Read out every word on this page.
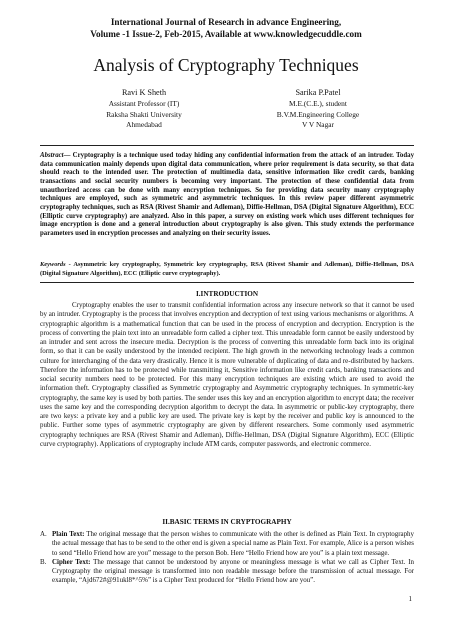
International Journal of Research in advance Engineering,
Volume -1 Issue-2, Feb-2015, Available at www.knowledgecuddle.com
Analysis of Cryptography Techniques
Ravi K Sheth
Assistant Professor (IT)
Raksha Shakti University
Ahmedabad
Sarika P.Patel
M.E.(C.E.), student
B.V.M.Engineering College
V V Nagar
Abstract— Cryptography is a technique used today hiding any confidential information from the attack of an intruder. Today data communication mainly depends upon digital data communication, where prior requirement is data security, so that data should reach to the intended user. The protection of multimedia data, sensitive information like credit cards, banking transactions and social security numbers is becoming very important. The protection of these confidential data from unauthorized access can be done with many encryption techniques. So for providing data security many cryptography techniques are employed, such as symmetric and asymmetric techniques. In this review paper different asymmetric cryptography techniques, such as RSA (Rivest Shamir and Adleman), Diffie-Hellman, DSA (Digital Signature Algorithm), ECC (Elliptic curve cryptography) are analyzed. Also in this paper, a survey on existing work which uses different techniques for image encryption is done and a general introduction about cryptography is also given. This study extends the performance parameters used in encryption processes and analyzing on their security issues.
Keywords - Asymmetric key cryptography, Symmetric key cryptography, RSA (Rivest Shamir and Adleman), Diffie-Hellman, DSA (Digital Signature Algorithm), ECC (Elliptic curve cryptography).
I.INTRODUCTION

Cryptography enables the user to transmit confidential information across any insecure network so that it cannot be used by an intruder. Cryptography is the process that involves encryption and decryption of text using various mechanisms or algorithms. A cryptographic algorithm is a mathematical function that can be used in the process of encryption and decryption. Encryption is the process of converting the plain text into an unreadable form called a cipher text. This unreadable form cannot be easily understood by an intruder and sent across the insecure media. Decryption is the process of converting this unreadable form back into its original form, so that it can be easily understood by the intended recipient. The high growth in the networking technology leads a common culture for interchanging of the data very drastically. Hence it is more vulnerable of duplicating of data and re-distributed by hackers. Therefore the information has to be protected while transmitting it, Sensitive information like credit cards, banking transactions and social security numbers need to be protected. For this many encryption techniques are existing which are used to avoid the information theft. Cryptography classified as Symmetric cryptography and Asymmetric cryptography techniques. In symmetric-key cryptography, the same key is used by both parties. The sender uses this key and an encryption algorithm to encrypt data; the receiver uses the same key and the corresponding decryption algorithm to decrypt the data. In asymmetric or public-key cryptography, there are two keys: a private key and a public key are used. The private key is kept by the receiver and public key is announced to the public. Further some types of asymmetric cryptography are given by different researchers. Some commonly used asymmetric cryptography techniques are RSA (Rivest Shamir and Adleman), Diffie-Hellman, DSA (Digital Signature Algorithm), ECC (Elliptic curve cryptography). Applications of cryptography include ATM cards, computer passwords, and electronic commerce.

II.BASIC TERMS IN CRYPTOGRAPHY
A. Plain Text: The original message that the person wishes to communicate with the other is defined as Plain Text. In cryptography the actual message that has to be send to the other end is given a special name as Plain Text. For example, Alice is a person wishes to send “Hello Friend how are you” message to the person Bob. Here “Hello Friend how are you” is a plain text message.
B. Cipher Text: The message that cannot be understood by anyone or meaningless message is what we call as Cipher Text. In Cryptography the original message is transformed into non readable message before the transmission of actual message. For example, “Ajd672#@91ukl8*^5%” is a Cipher Text produced for “Hello Friend how are you”.
1
